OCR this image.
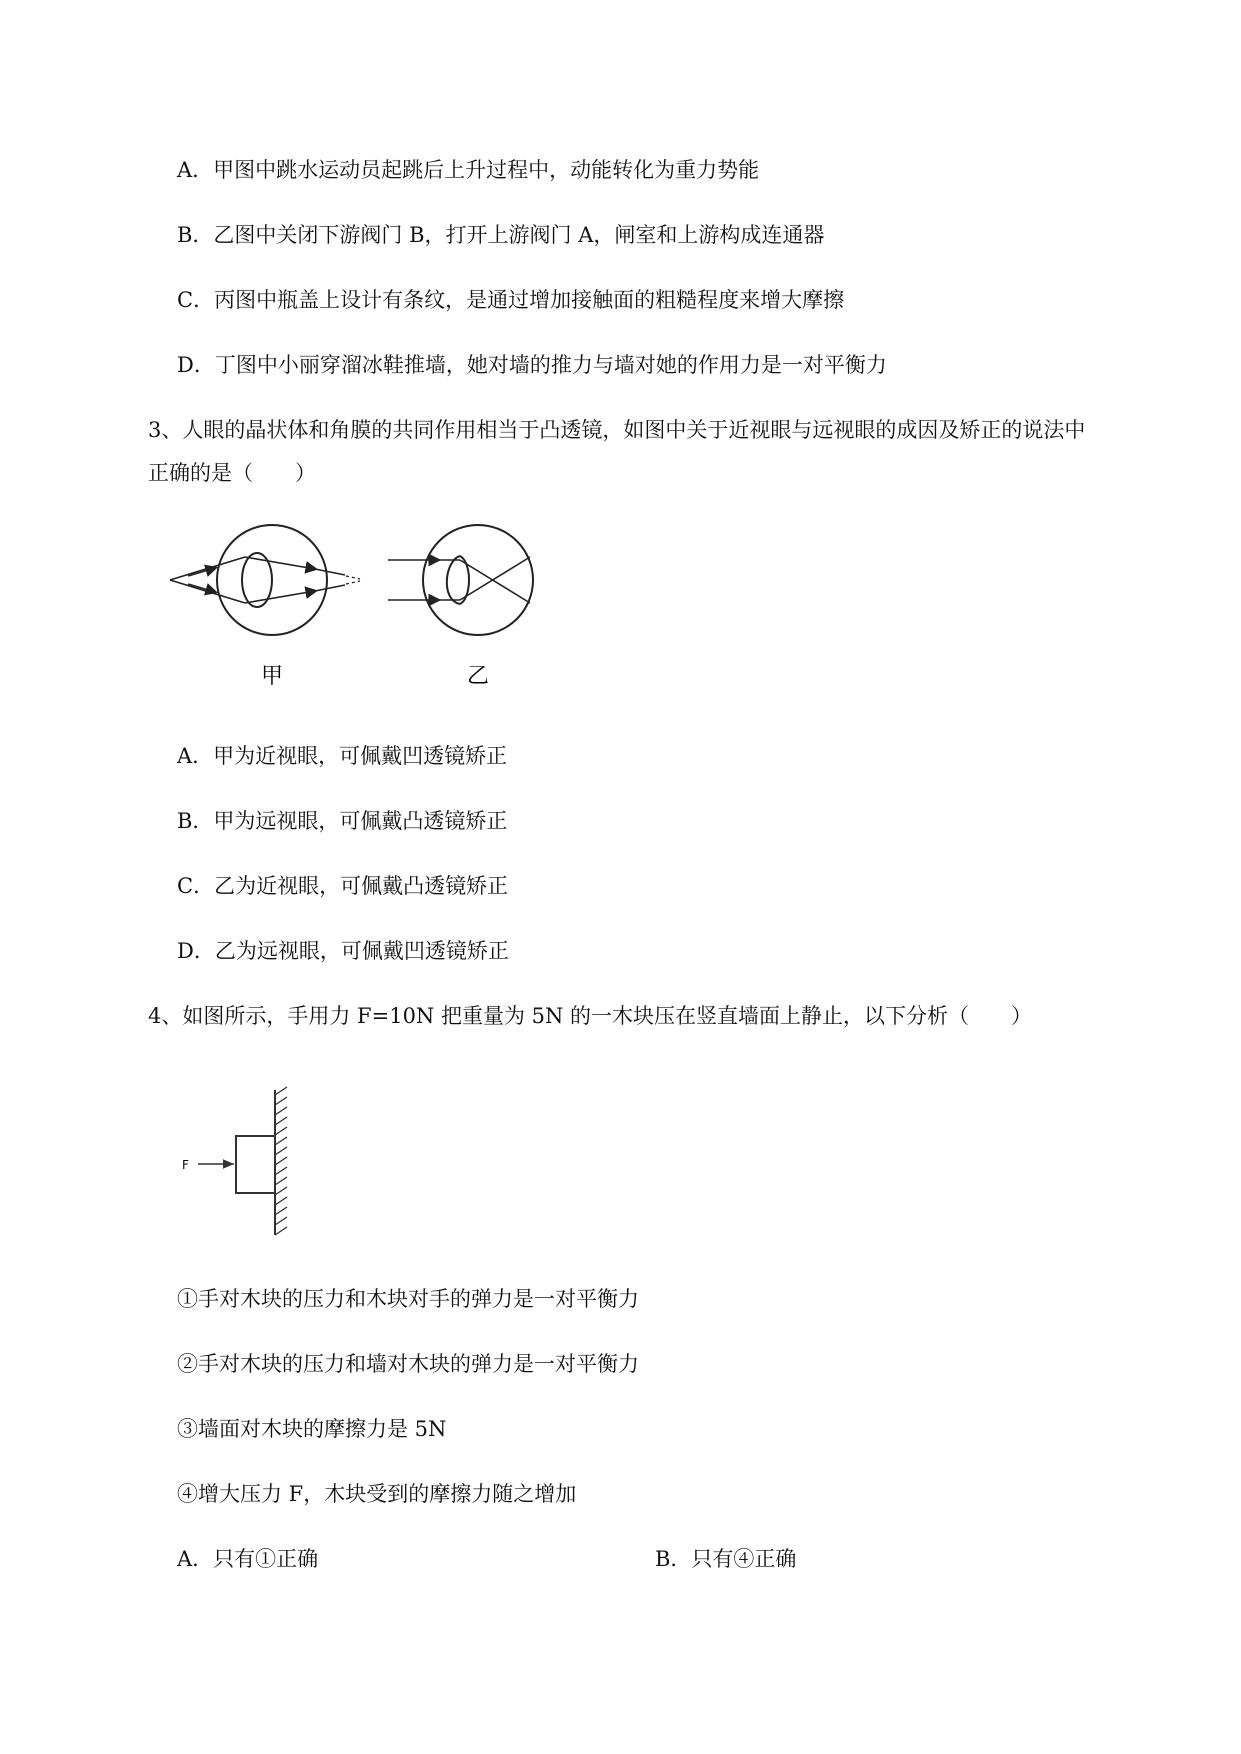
A．甲图中跳水运动员起跳后上升过程中，动能转化为重力势能
B．乙图中关闭下游阀门 B，打开上游阀门 A，闸室和上游构成连通器
C．丙图中瓶盖上设计有条纹，是通过增加接触面的粗糙程度来增大摩擦
D．丁图中小丽穿溜冰鞋推墙，她对墙的推力与墙对她的作用力是一对平衡力
3、人眼的晶状体和角膜的共同作用相当于凸透镜，如图中关于近视眼与远视眼的成因及矫正的说法中
正确的是（　　）
甲	乙
A．甲为近视眼，可佩戴凹透镜矫正
B．甲为远视眼，可佩戴凸透镜矫正
C．乙为近视眼，可佩戴凸透镜矫正
D．乙为远视眼，可佩戴凹透镜矫正
4、如图所示，手用力 F=10N 把重量为 5N 的一木块压在竖直墙面上静止，以下分析（　　）
F
①手对木块的压力和木块对手的弹力是一对平衡力
②手对木块的压力和墙对木块的弹力是一对平衡力
③墙面对木块的摩擦力是 5N
④增大压力 F，木块受到的摩擦力随之增加
A．只有①正确	B．只有④正确
